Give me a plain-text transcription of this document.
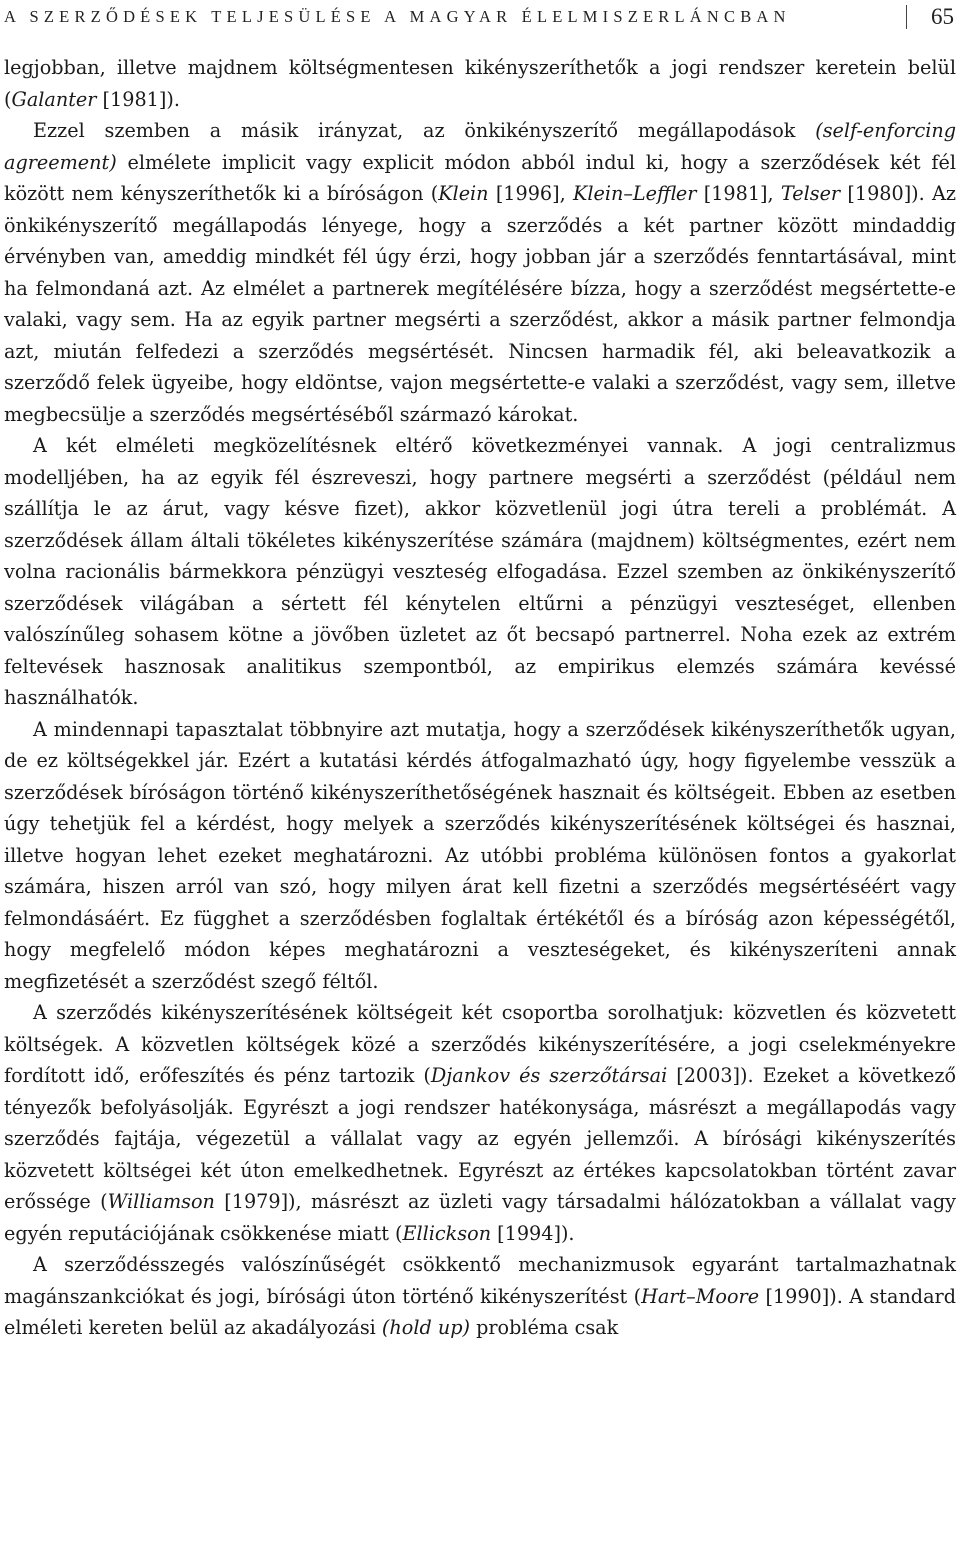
A SZERZŐDÉSEK TELJESÜLÉSE A MAGYAR ÉLELMISZERLÁNCBAN	65

legjobban, illetve majdnem költségmentesen kikényszeríthetők a jogi rendszer keretein belül (Galanter [1981]).

Ezzel szemben a másik irányzat, az önkikényszerítő megállapodások (self-enforcing agreement) elmélete implicit vagy explicit módon abból indul ki, hogy a szerződések két fél között nem kényszeríthetők ki a bíróságon (Klein [1996], Klein–Leffler [1981], Telser [1980]). Az önkikényszerítő megállapodás lényege, hogy a szerződés a két partner között mindaddig érvényben van, ameddig mindkét fél úgy érzi, hogy jobban jár a szerződés fenntartásával, mint ha felmondaná azt. Az elmélet a partnerek megítélésére bízza, hogy a szerződést megsértette-e valaki, vagy sem. Ha az egyik partner megsérti a szerződést, akkor a másik partner felmondja azt, miután felfedezi a szerződés megsértését. Nincsen harmadik fél, aki beleavatkozik a szerződő felek ügyeibe, hogy eldöntse, vajon megsértette-e valaki a szerződést, vagy sem, illetve megbecsülje a szerződés megsértéséből származó károkat.

A két elméleti megközelítésnek eltérő következményei vannak. A jogi centralizmus modelljében, ha az egyik fél észreveszi, hogy partnere megsérti a szerződést (például nem szállítja le az árut, vagy késve fizet), akkor közvetlenül jogi útra tereli a problémát. A szerződések állam általi tökéletes kikényszerítése számára (majdnem) költségmentes, ezért nem volna racionális bármekkora pénzügyi veszteség elfogadása. Ezzel szemben az önkikényszerítő szerződések világában a sértett fél kénytelen eltűrni a pénzügyi veszteséget, ellenben valószínűleg sohasem kötne a jövőben üzletet az őt becsapó partnerrel. Noha ezek az extrém feltevések hasznosak analitikus szempontból, az empirikus elemzés számára kevéssé használhatók.

A mindennapi tapasztalat többnyire azt mutatja, hogy a szerződések kikényszeríthetők ugyan, de ez költségekkel jár. Ezért a kutatási kérdés átfogalmazható úgy, hogy figyelembe vesszük a szerződések bíróságon történő kikényszeríthetőségének hasznait és költségeit. Ebben az esetben úgy tehetjük fel a kérdést, hogy melyek a szerződés kikényszerítésének költségei és hasznai, illetve hogyan lehet ezeket meghatározni. Az utóbbi probléma különösen fontos a gyakorlat számára, hiszen arról van szó, hogy milyen árat kell fizetni a szerződés megsértéséért vagy felmondásáért. Ez függhet a szerződésben foglaltak értékétől és a bíróság azon képességétől, hogy megfelelő módon képes meghatározni a veszteségeket, és kikényszeríteni annak megfizetését a szerződést szegő féltől.

A szerződés kikényszerítésének költségeit két csoportba sorolhatjuk: közvetlen és közvetett költségek. A közvetlen költségek közé a szerződés kikényszerítésére, a jogi cselekményekre fordított idő, erőfeszítés és pénz tartozik (Djankov és szerzőtársai [2003]). Ezeket a következő tényezők befolyásolják. Egyrészt a jogi rendszer hatékonysága, másrészt a megállapodás vagy szerződés fajtája, végezetül a vállalat vagy az egyén jellemzői. A bírósági kikényszerítés közvetett költségei két úton emelkedhetnek. Egyrészt az értékes kapcsolatokban történt zavar erőssége (Williamson [1979]), másrészt az üzleti vagy társadalmi hálózatokban a vállalat vagy egyén reputációjának csökkenése miatt (Ellickson [1994]).

A szerződésszegés valószínűségét csökkentő mechanizmusok egyaránt tartalmazhatnak magánszankciókat és jogi, bírósági úton történő kikényszerítést (Hart–Moore [1990]). A standard elméleti kereten belül az akadályozási (hold up) probléma csak
